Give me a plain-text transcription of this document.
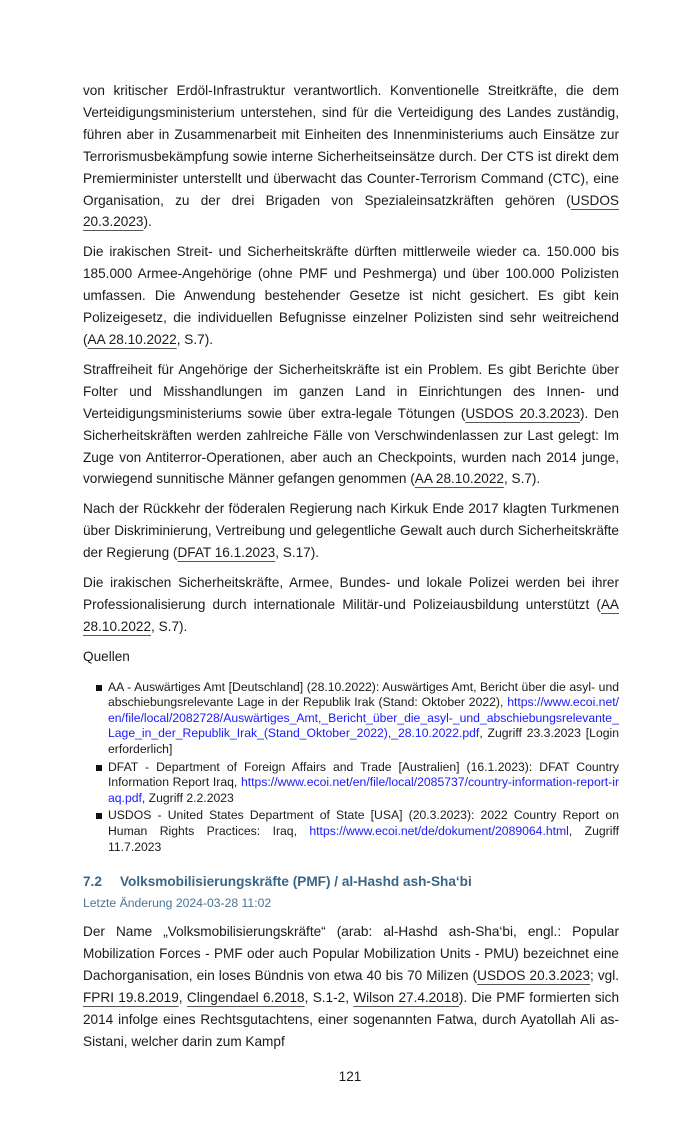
von kritischer Erdöl-Infrastruktur verantwortlich. Konventionelle Streitkräfte, die dem Verteidigungsministerium unterstehen, sind für die Verteidigung des Landes zuständig, führen aber in Zusammenarbeit mit Einheiten des Innenministeriums auch Einsätze zur Terrorismusbekämpfung sowie interne Sicherheitseinsätze durch. Der CTS ist direkt dem Premierminister unterstellt und überwacht das Counter-Terrorism Command (CTC), eine Organisation, zu der drei Brigaden von Spezialeinsatzkräften gehören (USDOS 20.3.2023).

Die irakischen Streit- und Sicherheitskräfte dürften mittlerweile wieder ca. 150.000 bis 185.000 Armee-Angehörige (ohne PMF und Peshmerga) und über 100.000 Polizisten umfassen. Die Anwendung bestehender Gesetze ist nicht gesichert. Es gibt kein Polizeigesetz, die individuellen Befugnisse einzelner Polizisten sind sehr weitreichend (AA 28.10.2022, S.7).

Straffreiheit für Angehörige der Sicherheitskräfte ist ein Problem. Es gibt Berichte über Folter und Misshandlungen im ganzen Land in Einrichtungen des Innen- und Verteidigungsministeriums sowie über extra-legale Tötungen (USDOS 20.3.2023). Den Sicherheitskräften werden zahlreiche Fälle von Verschwindenlassen zur Last gelegt: Im Zuge von Antiterror-Operationen, aber auch an Checkpoints, wurden nach 2014 junge, vorwiegend sunnitische Männer gefangen genommen (AA 28.10.2022, S.7).

Nach der Rückkehr der föderalen Regierung nach Kirkuk Ende 2017 klagten Turkmenen über Diskriminierung, Vertreibung und gelegentliche Gewalt auch durch Sicherheitskräfte der Regierung (DFAT 16.1.2023, S.17).

Die irakischen Sicherheitskräfte, Armee, Bundes- und lokale Polizei werden bei ihrer Professionalisierung durch internationale Militär-und Polizeiausbildung unterstützt (AA 28.10.2022, S.7).

Quellen
AA - Auswärtiges Amt [Deutschland] (28.10.2022): Auswärtiges Amt, Bericht über die asyl- und abschiebungsrelevante Lage in der Republik Irak (Stand: Oktober 2022), https://www.ecoi.net/en/file/local/2082728/Auswärtiges_Amt,_Bericht_über_die_asyl-_und_abschiebungsrelevante_Lage_in_der_Republik_Irak_(Stand_Oktober_2022),_28.10.2022.pdf, Zugriff 23.3.2023 [Login erforderlich]
DFAT - Department of Foreign Affairs and Trade [Australien] (16.1.2023): DFAT Country Information Report Iraq, https://www.ecoi.net/en/file/local/2085737/country-information-report-iraq.pdf, Zugriff 2.2.2023
USDOS - United States Department of State [USA] (20.3.2023): 2022 Country Report on Human Rights Practices: Iraq, https://www.ecoi.net/de/dokument/2089064.html, Zugriff 11.7.2023
7.2 Volksmobilisierungskräfte (PMF) / al-Hashd ash-Sha‘bi
Letzte Änderung 2024-03-28 11:02

Der Name „Volksmobilisierungskräfte“ (arab: al-Hashd ash-Sha‘bi, engl.: Popular Mobilization Forces - PMF oder auch Popular Mobilization Units - PMU) bezeichnet eine Dachorganisation, ein loses Bündnis von etwa 40 bis 70 Milizen (USDOS 20.3.2023; vgl. FPRI 19.8.2019, Clingendael 6.2018, S.1-2, Wilson 27.4.2018). Die PMF formierten sich 2014 infolge eines Rechtsgutachtens, einer sogenannten Fatwa, durch Ayatollah Ali as-Sistani, welcher darin zum Kampf

121
